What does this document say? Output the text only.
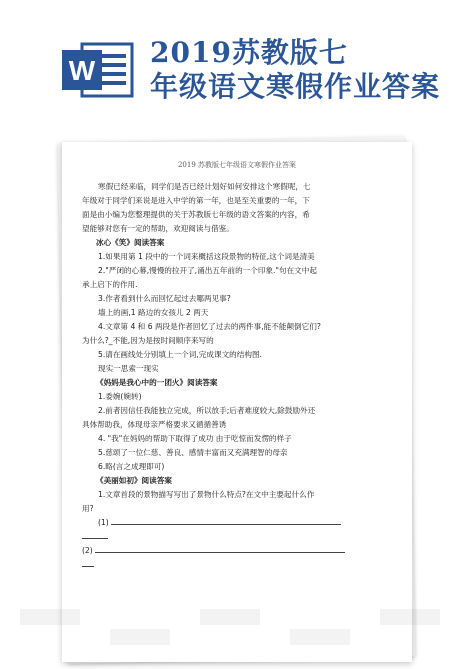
W
2019苏教版七
年级语文寒假作业答案
2019 苏教版七年级语文寒假作业答案
寒假已经来临，同学们是否已经计划好如何安排这个寒假呢，七
年级对于同学们来说是进入中学的第一年，也是至关重要的一年，下
面是由小编为您整理提供的关于苏教版七年级的语文答案的内容，希
望能够对您有一定的帮助，欢迎阅读与借鉴。
冰心《笑》阅读答案
1.如果用第 1 段中的一个词来概括这段景物的特征,这个词是清美
2."严闭的心幕,慢慢的拉开了,涌出五年前的一个印象."句在文中起
承上启下的作用.
3.作者看到什么而回忆起过去哪两见事?
墙上的画,1 路边的女孩儿 2 两天
4.文章第 4 和 6 两段是作者回忆了过去的两件事,能不能颠倒它们?
为什么?_不能,因为是按时间顺序来写的
5.请在画线处分别填上一个词,完成课文的结构图.
现实一思索一现实
《妈妈是我心中的一团火》阅读答案
1.委婉(婉转)
2.前者因信任我能独立完成，所以放手;后者难度较大,除鼓励外还
具体帮助我，体现母亲严格要求又循循善诱
4. "我"在妈妈的帮助下取得了成功 由于吃惊而发愣的样子
5.慈颂了一位仁慈、善良、感情丰富而又充满理智的母亲
6.略(言之成理即可)
《美丽如初》阅读答案
1.文章首段的景物描写写出了景物什么特点?在文中主要起什么作
用?
(1)
(2)
